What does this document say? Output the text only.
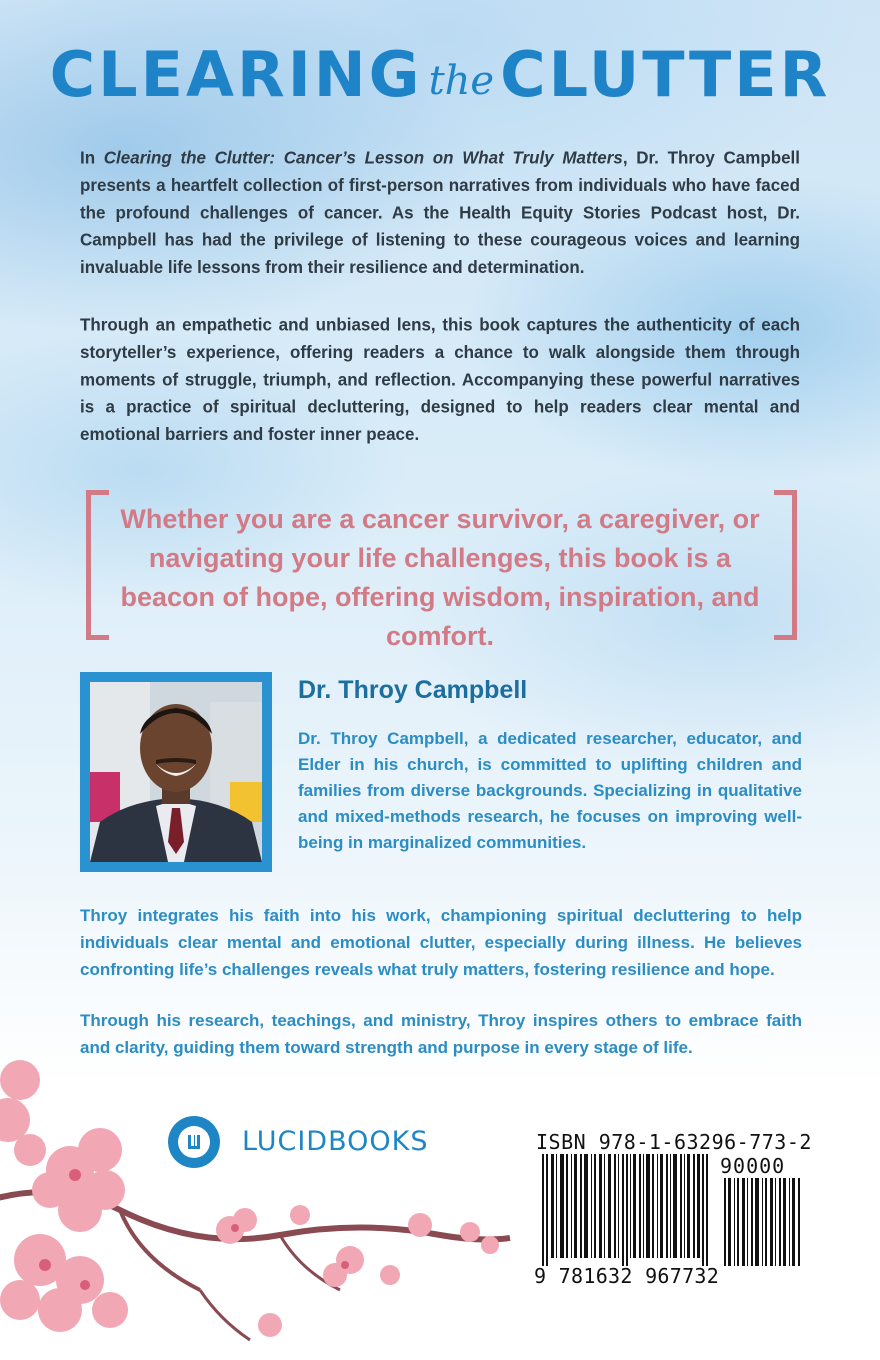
CLEARING theCLUTTER
In Clearing the Clutter: Cancer’s Lesson on What Truly Matters, Dr. Throy Campbell presents a heartfelt collection of first-person narratives from individuals who have faced the profound challenges of cancer. As the Health Equity Stories Podcast host, Dr. Campbell has had the privilege of listening to these courageous voices and learning invaluable life lessons from their resilience and determination.
Through an empathetic and unbiased lens, this book captures the authenticity of each storyteller’s experience, offering readers a chance to walk alongside them through moments of struggle, triumph, and reflection. Accompanying these powerful narratives is a practice of spiritual decluttering, designed to help readers clear mental and emotional barriers and foster inner peace.
Whether you are a cancer survivor, a caregiver, or navigating your life challenges, this book is a beacon of hope, offering wisdom, inspiration, and comfort.
Dr. Throy Campbell
Dr. Throy Campbell, a dedicated researcher, educator, and Elder in his church, is committed to uplifting children and families from diverse backgrounds. Specializing in qualitative and mixed-methods research, he focuses on improving well-being in marginalized communities.
Throy integrates his faith into his work, championing spiritual decluttering to help individuals clear mental and emotional clutter, especially during illness. He believes confronting life’s challenges reveals what truly matters, fostering resilience and hope.
Through his research, teachings, and ministry, Throy inspires others to embrace faith and clarity, guiding them toward strength and purpose in every stage of life.
LUCIDBOOKS	ISBN 978-1-63296-773-2
90000
9 781632 967732
